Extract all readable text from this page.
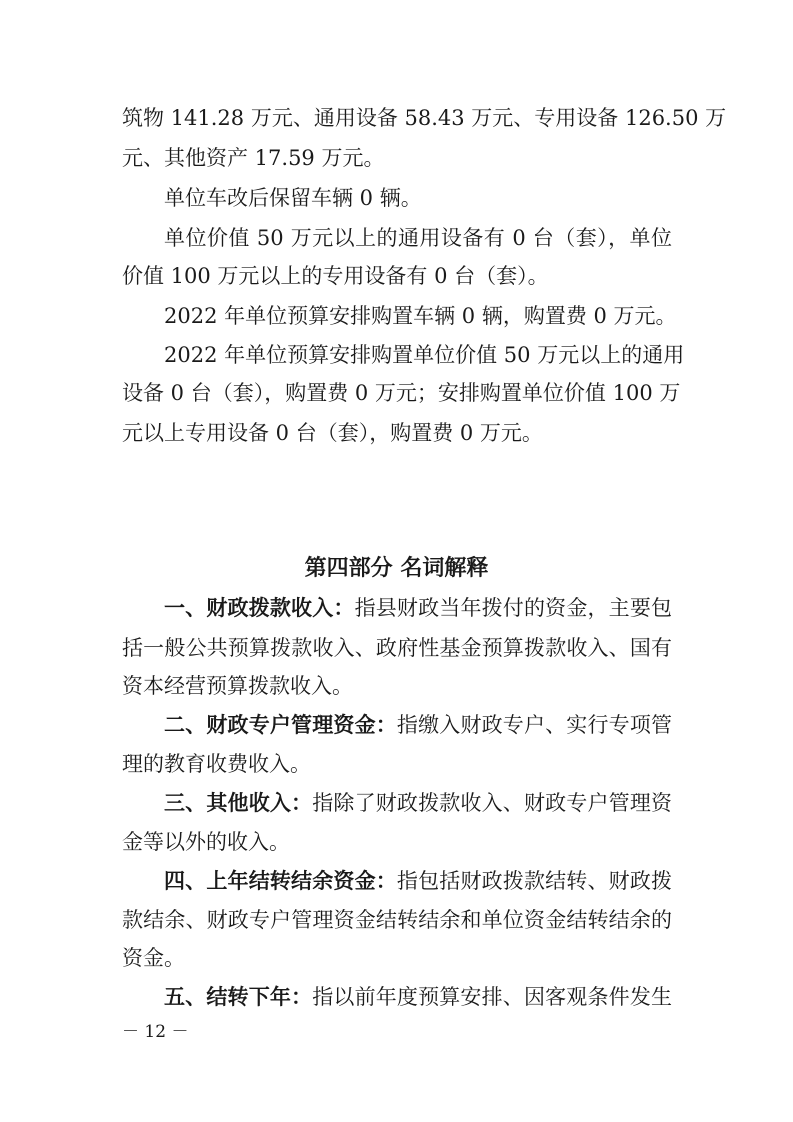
筑物 141.28 万元、通用设备 58.43 万元、专用设备 126.50 万
元、其他资产 17.59 万元。
单位车改后保留车辆 0 辆。
单位价值 50 万元以上的通用设备有 0 台（套），单位
价值 100 万元以上的专用设备有 0 台（套）。
2022 年单位预算安排购置车辆 0 辆，购置费 0 万元。
2022 年单位预算安排购置单位价值 50 万元以上的通用
设备 0 台（套），购置费 0 万元；安排购置单位价值 100 万
元以上专用设备 0 台（套），购置费 0 万元。
第四部分 名词解释
一、财政拨款收入：指县财政当年拨付的资金，主要包
括一般公共预算拨款收入、政府性基金预算拨款收入、国有
资本经营预算拨款收入。
二、财政专户管理资金：指缴入财政专户、实行专项管
理的教育收费收入。
三、其他收入：指除了财政拨款收入、财政专户管理资
金等以外的收入。
四、上年结转结余资金：指包括财政拨款结转、财政拨
款结余、财政专户管理资金结转结余和单位资金结转结余的
资金。
五、结转下年：指以前年度预算安排、因客观条件发生
－ 12 －
